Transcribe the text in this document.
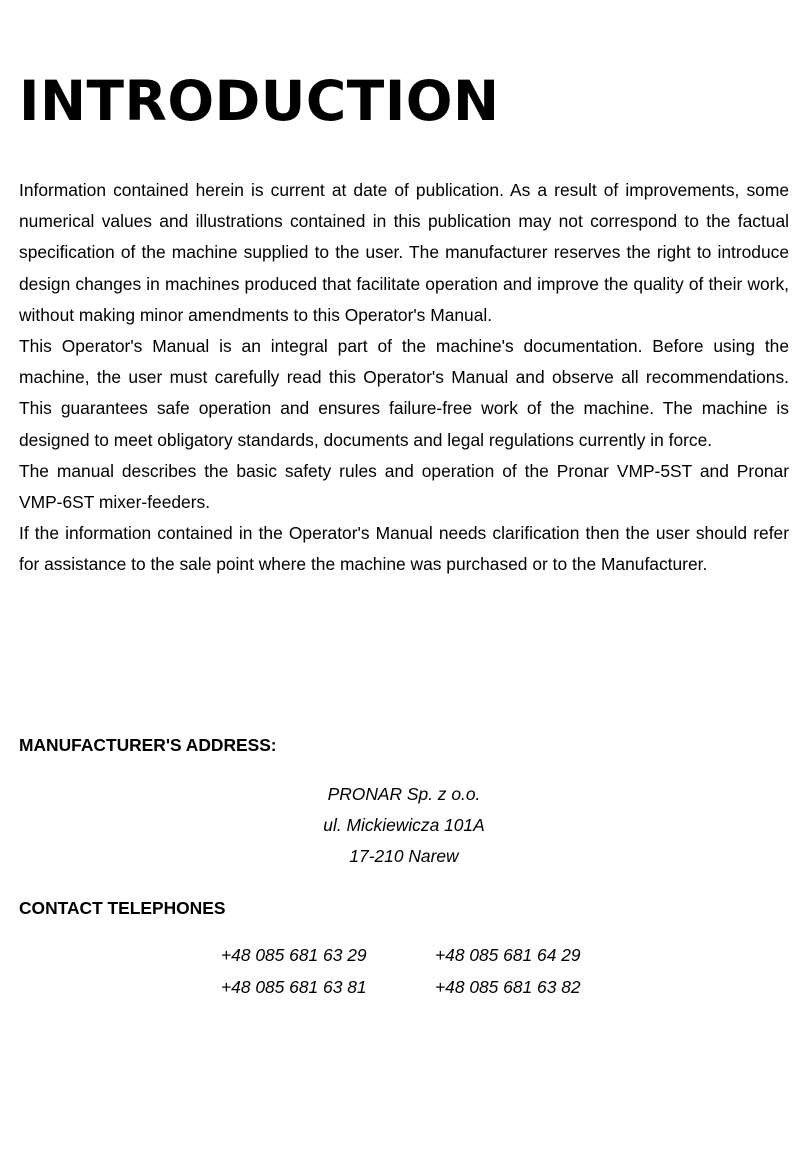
INTRODUCTION

Information contained herein is current at date of publication. As a result of improvements, some numerical values and illustrations contained in this publication may not correspond to the factual specification of the machine supplied to the user. The manufacturer reserves the right to introduce design changes in machines produced that facilitate operation and improve the quality of their work, without making minor amendments to this Operator's Manual.

This Operator's Manual is an integral part of the machine's documentation. Before using the machine, the user must carefully read this Operator's Manual and observe all recommendations. This guarantees safe operation and ensures failure-free work of the machine. The machine is designed to meet obligatory standards, documents and legal regulations currently in force.

The manual describes the basic safety rules and operation of the Pronar VMP-5ST and Pronar VMP-6ST mixer-feeders.

If the information contained in the Operator's Manual needs clarification then the user should refer for assistance to the sale point where the machine was purchased or to the Manufacturer.

MANUFACTURER'S ADDRESS:
PRONAR Sp. z o.o.
ul. Mickiewicza 101A
17-210 Narew
CONTACT TELEPHONES
+48 085 681 63 29	+48 085 681 64 29
+48 085 681 63 81	+48 085 681 63 82
